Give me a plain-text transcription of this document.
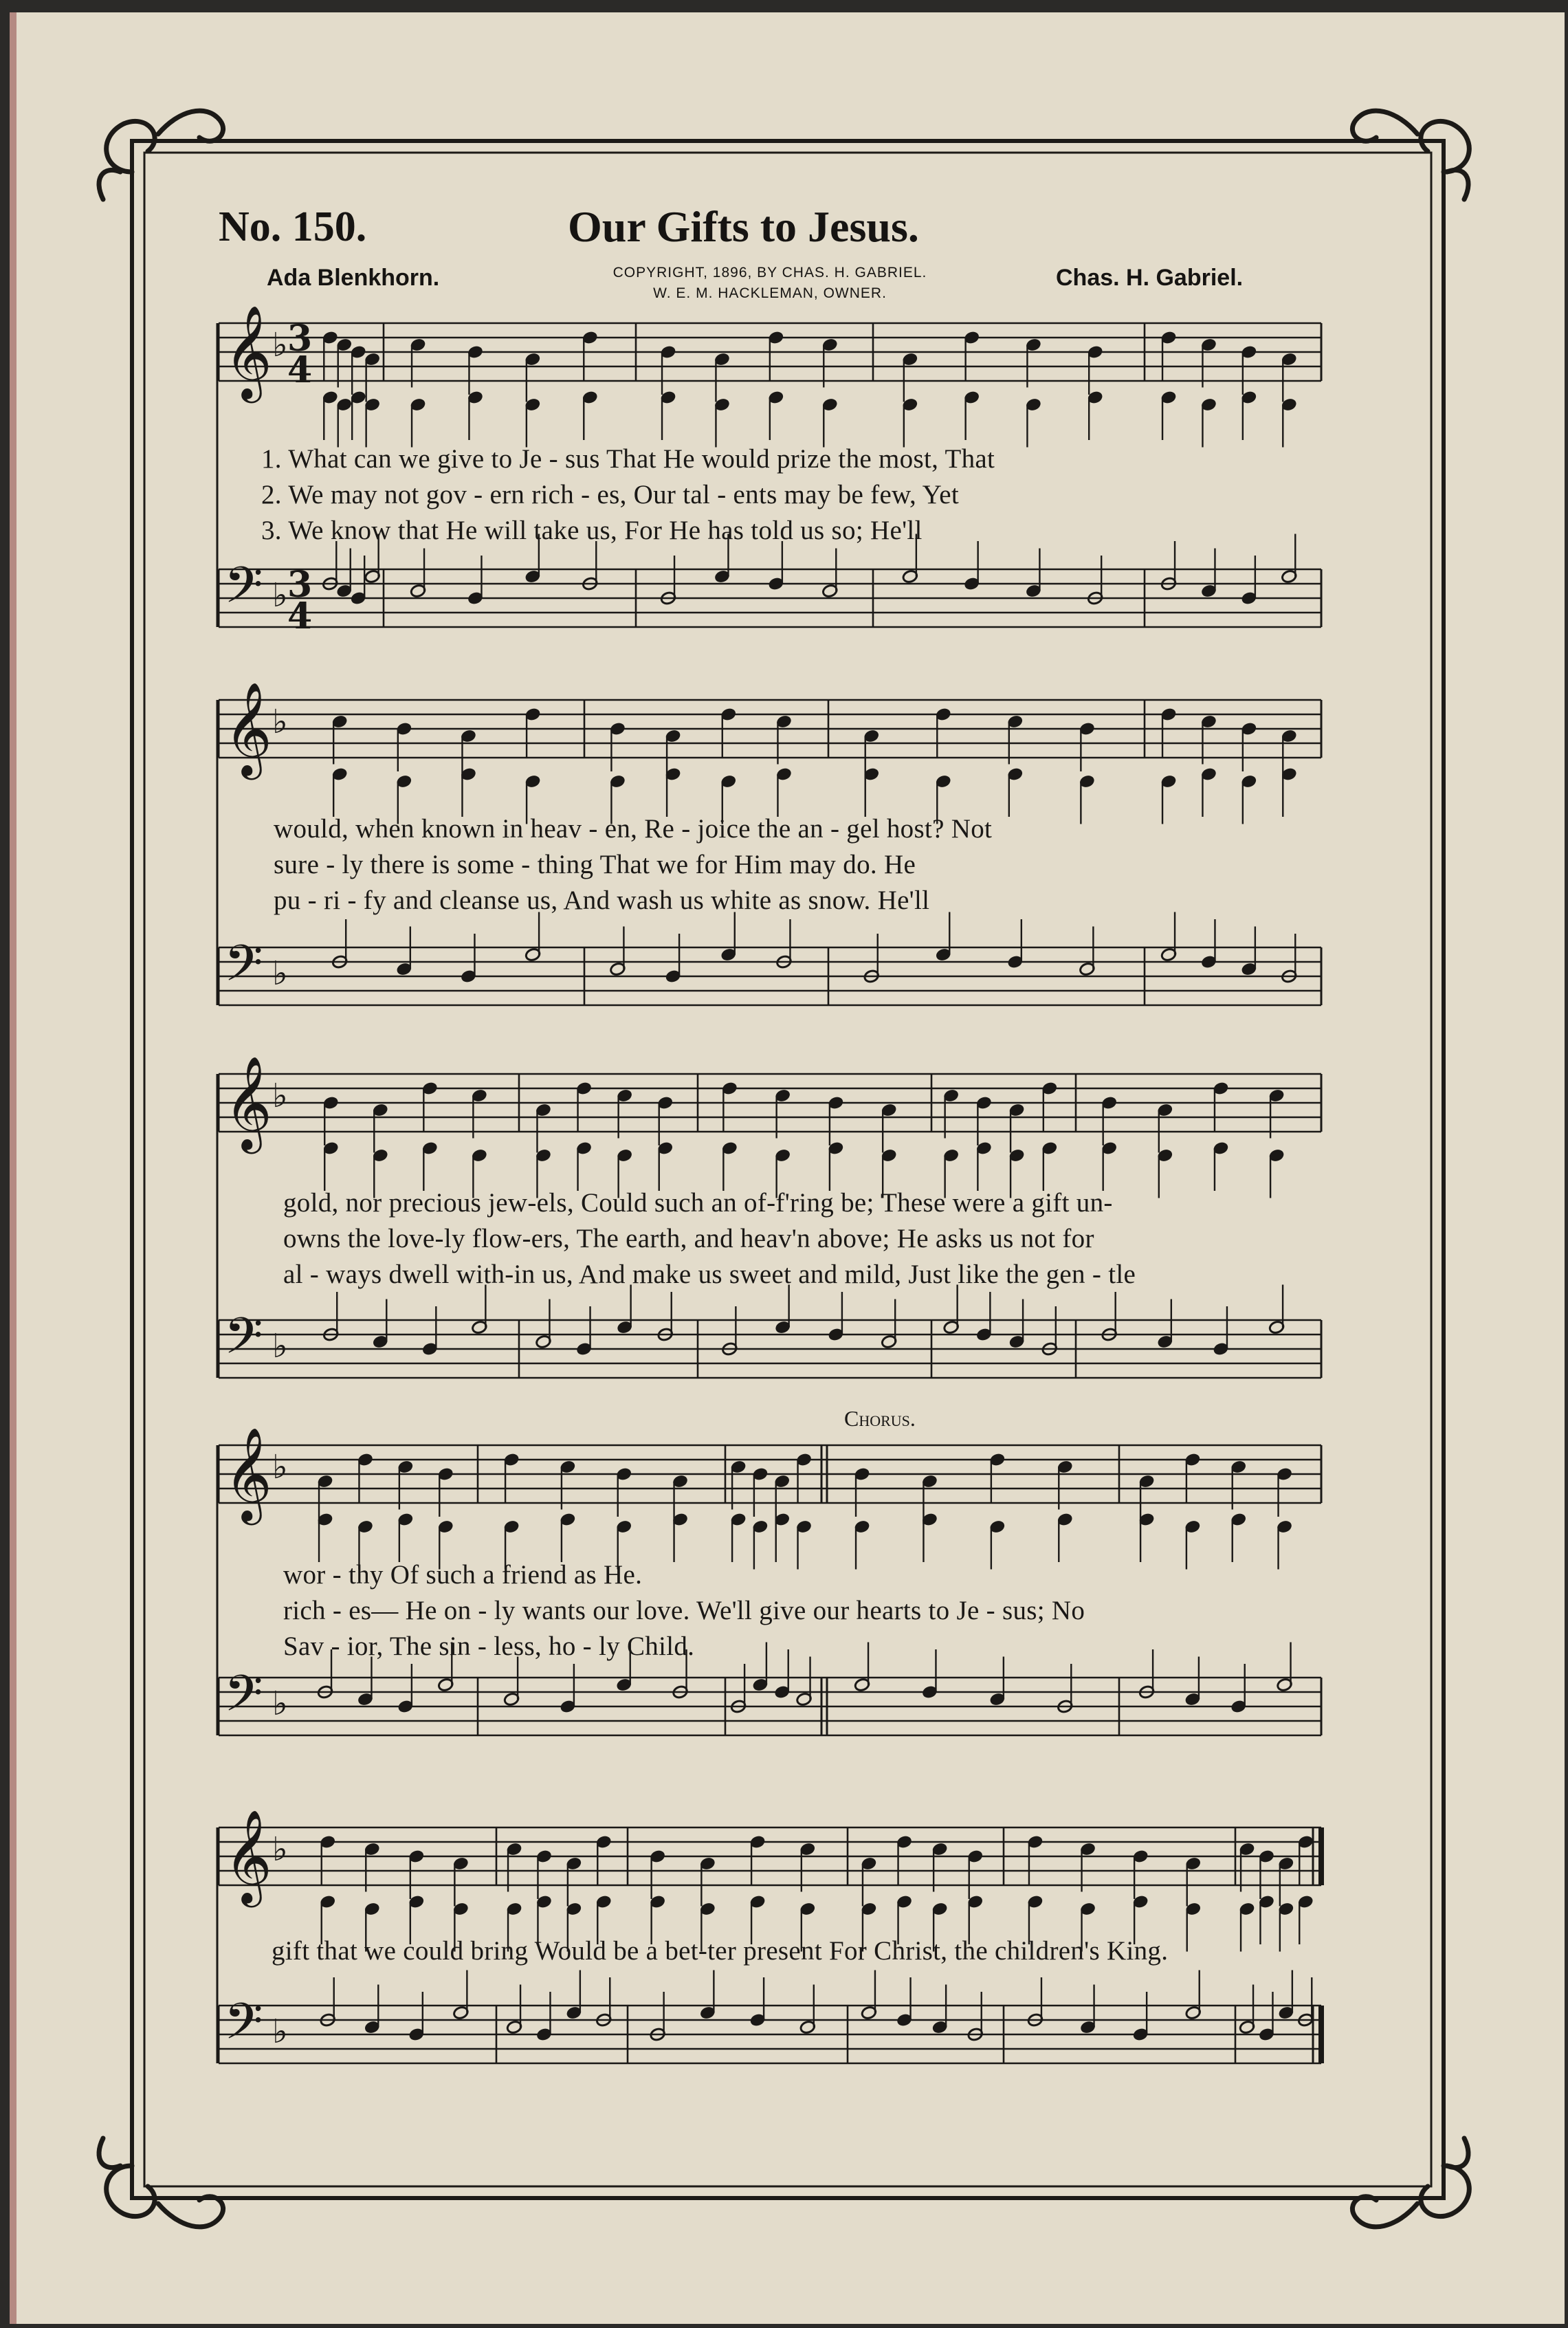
No. 150.	Our Gifts to Jesus.
Ada Blenkhorn.	COPYRIGHT, 1896, BY CHAS. H. GABRIEL.
W. E. M. HACKLEMAN, OWNER.
Chas. H. Gabriel.
𝄞 ♭ 3
4
𝄢 ♭ 3
4
𝄞 ♭
𝄢 ♭
𝄞 ♭
𝄢 ♭
𝄞 ♭
𝄢 ♭
𝄞 ♭
𝄢 ♭
1. What can we give to Je - sus That He would prize the most, That
2. We may not gov - ern rich - es, Our tal - ents may be few, Yet
3. We know that He will take us, For He has told us so; He'll
would, when known in heav - en, Re - joice the an - gel host? Not
sure - ly there is some - thing That we for Him may do. He
pu - ri - fy and cleanse us, And wash us white as snow. He'll
gold, nor precious jew-els, Could such an of-f'ring be; These were a gift un-
owns the love-ly flow-ers, The earth, and heav'n above; He asks us not for
al - ways dwell with-in us, And make us sweet and mild, Just like the gen - tle
Chorus.
wor - thy Of such a friend as He.
rich - es— He on - ly wants our love. We'll give our hearts to Je - sus; No
Sav - ior, The sin - less, ho - ly Child.
gift that we could bring Would be a bet-ter present For Christ, the children's King.
